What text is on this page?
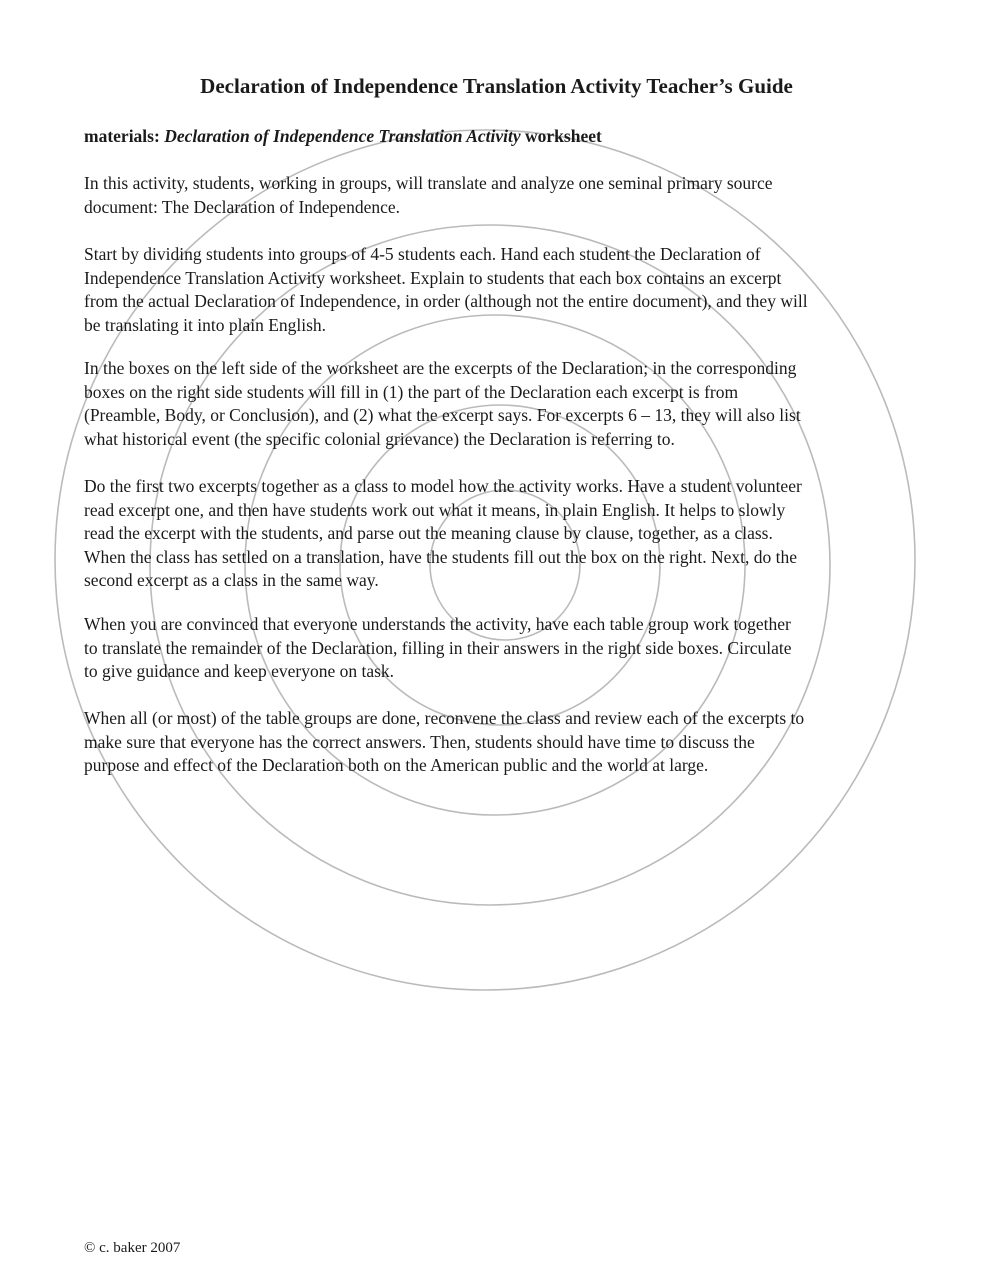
Declaration of Independence Translation Activity Teacher’s Guide
materials: Declaration of Independence Translation Activity worksheet
In this activity, students, working in groups, will translate and analyze one seminal primary source
document: The Declaration of Independence.
Start by dividing students into groups of 4-5 students each. Hand each student the Declaration of
Independence Translation Activity worksheet. Explain to students that each box contains an excerpt
from the actual Declaration of Independence, in order (although not the entire document), and they will
be translating it into plain English.
In the boxes on the left side of the worksheet are the excerpts of the Declaration; in the corresponding
boxes on the right side students will fill in (1) the part of the Declaration each excerpt is from
(Preamble, Body, or Conclusion), and (2) what the excerpt says. For excerpts 6 – 13, they will also list
what historical event (the specific colonial grievance) the Declaration is referring to.
Do the first two excerpts together as a class to model how the activity works. Have a student volunteer
read excerpt one, and then have students work out what it means, in plain English. It helps to slowly
read the excerpt with the students, and parse out the meaning clause by clause, together, as a class.
When the class has settled on a translation, have the students fill out the box on the right. Next, do the
second excerpt as a class in the same way.
When you are convinced that everyone understands the activity, have each table group work together
to translate the remainder of the Declaration, filling in their answers in the right side boxes. Circulate
to give guidance and keep everyone on task.
When all (or most) of the table groups are done, reconvene the class and review each of the excerpts to
make sure that everyone has the correct answers. Then, students should have time to discuss the
purpose and effect of the Declaration both on the American public and the world at large.
© c. baker 2007
